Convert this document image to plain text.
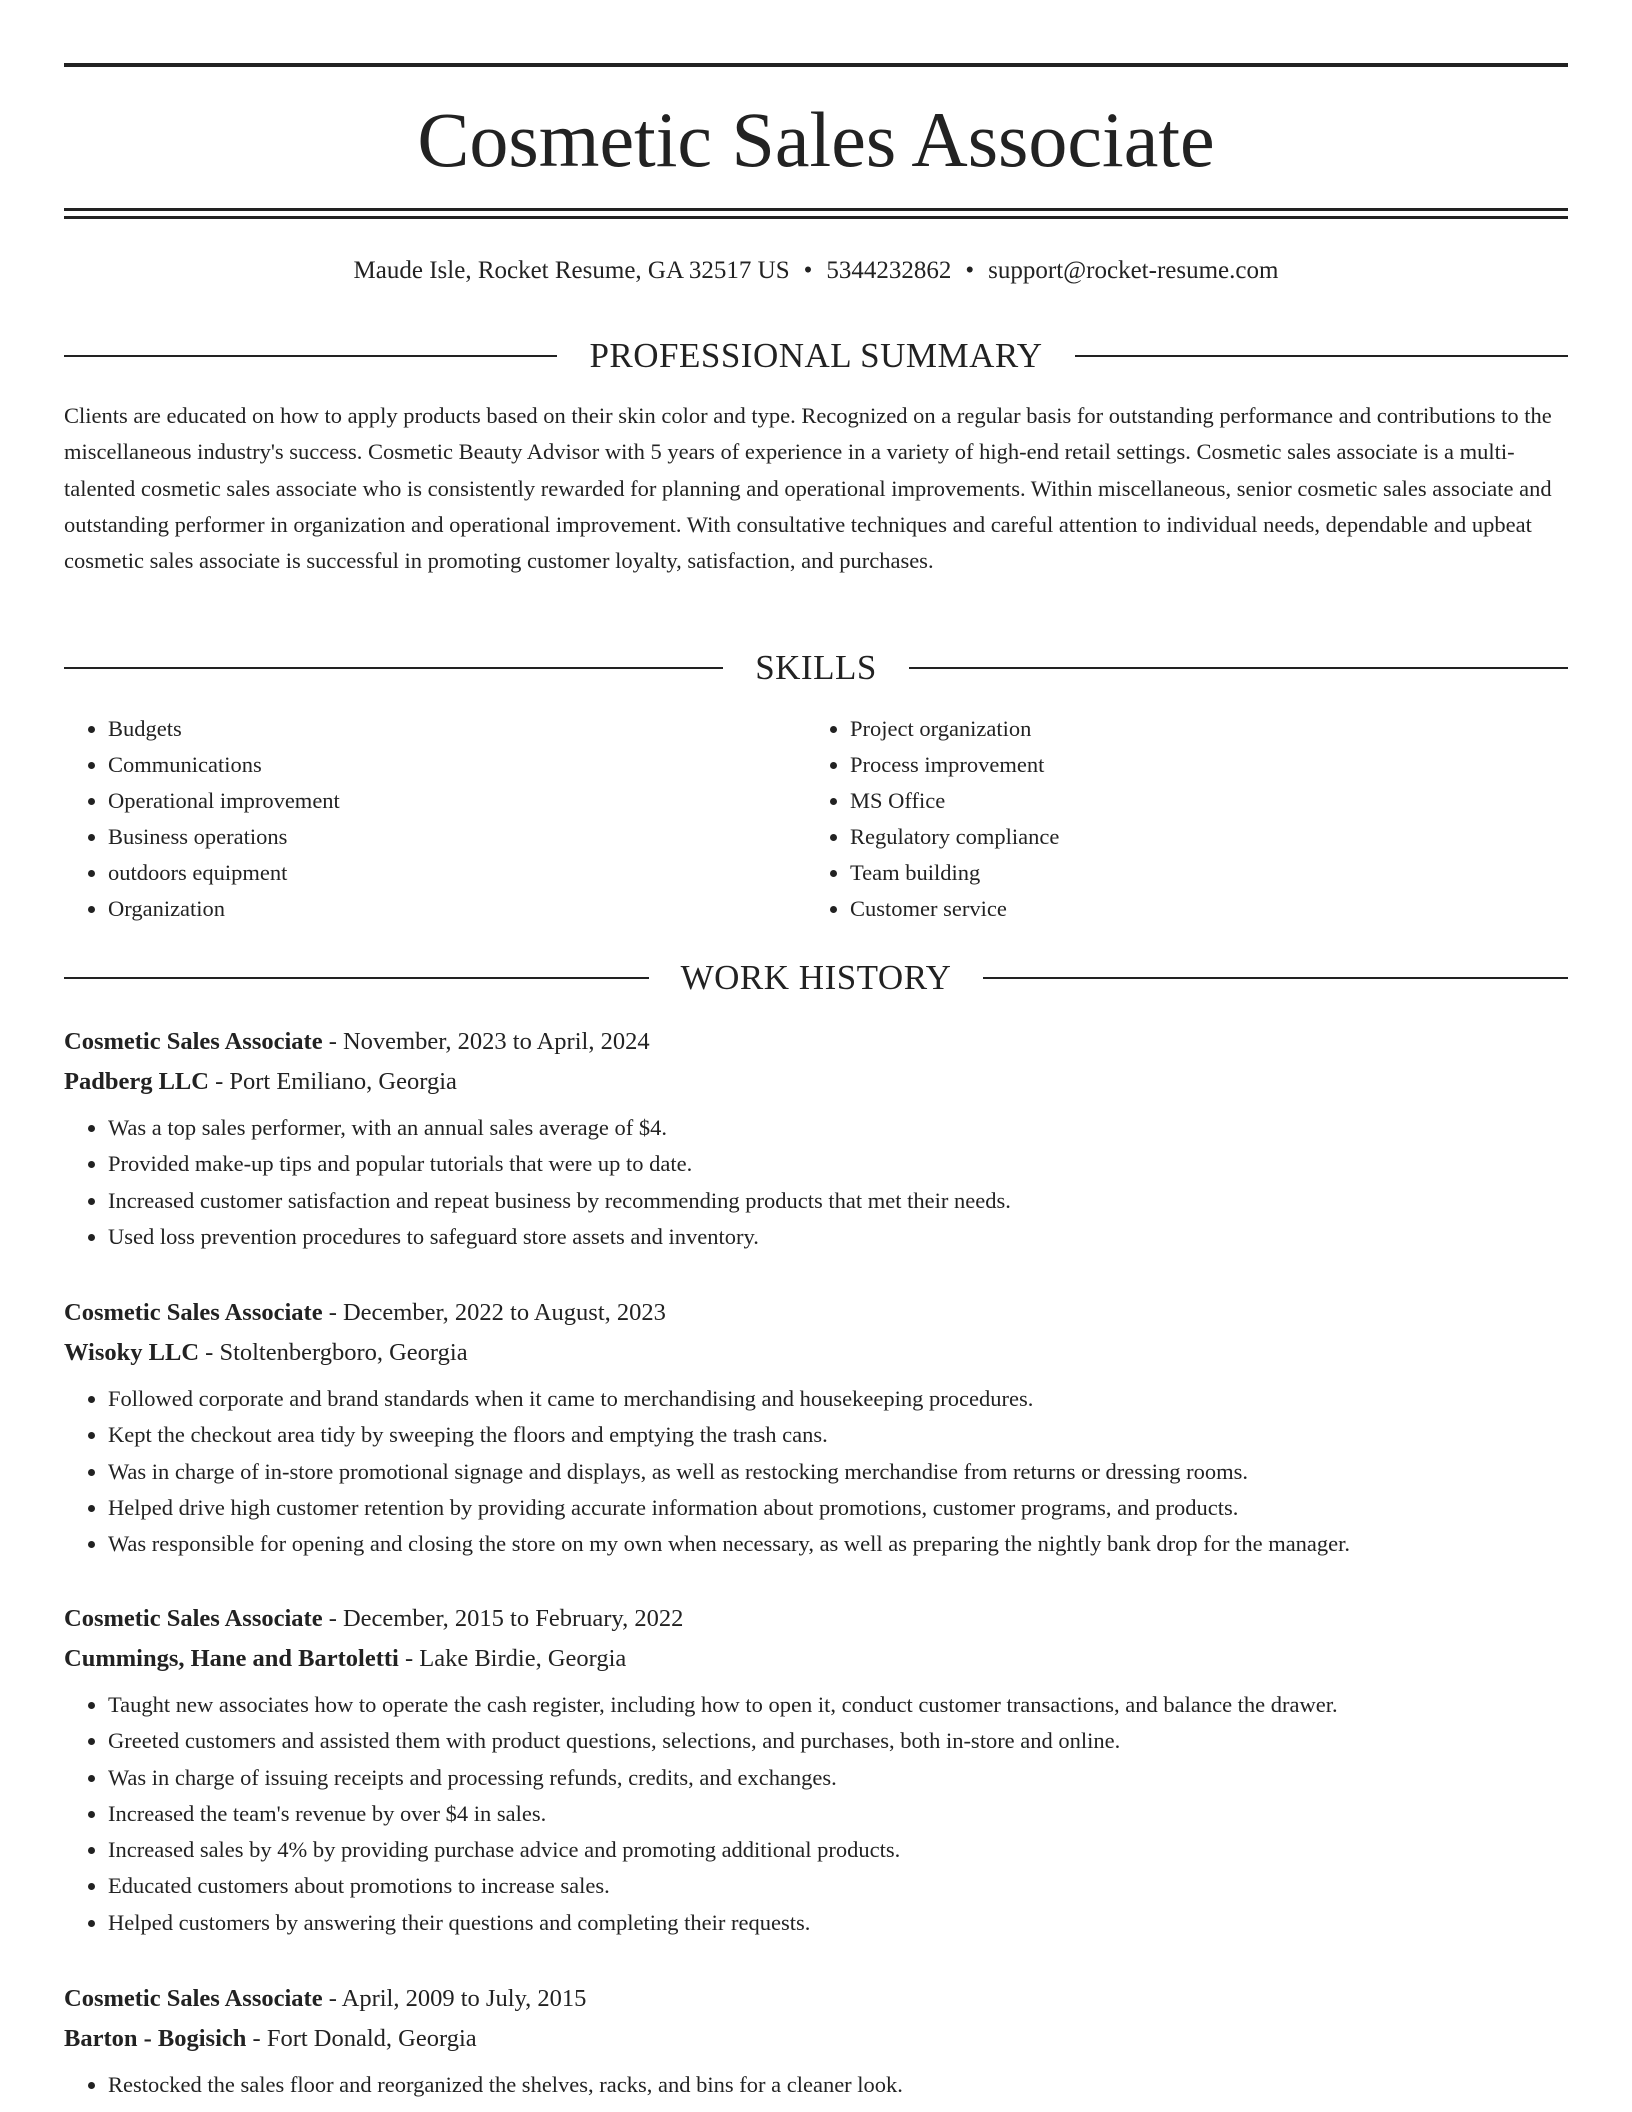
Cosmetic Sales Associate
Maude Isle, Rocket Resume, GA 32517 US • 5344232862 • support@rocket-resume.com
PROFESSIONAL SUMMARY

Clients are educated on how to apply products based on their skin color and type. Recognized on a regular basis for outstanding performance and contributions to the miscellaneous industry's success. Cosmetic Beauty Advisor with 5 years of experience in a variety of high-end retail settings. Cosmetic sales associate is a multi-talented cosmetic sales associate who is consistently rewarded for planning and operational improvements. Within miscellaneous, senior cosmetic sales associate and outstanding performer in organization and operational improvement. With consultative techniques and careful attention to individual needs, dependable and upbeat cosmetic sales associate is successful in promoting customer loyalty, satisfaction, and purchases.

SKILLS
• Budgets
• Communications
• Operational improvement
• Business operations
• outdoors equipment
• Organization
• Project organization
• Process improvement
• MS Office
• Regulatory compliance
• Team building
• Customer service
WORK HISTORY
Cosmetic Sales Associate - November, 2023 to April, 2024
Padberg LLC - Port Emiliano, Georgia
• Was a top sales performer, with an annual sales average of $4.
• Provided make-up tips and popular tutorials that were up to date.
• Increased customer satisfaction and repeat business by recommending products that met their needs.
• Used loss prevention procedures to safeguard store assets and inventory.
Cosmetic Sales Associate - December, 2022 to August, 2023
Wisoky LLC - Stoltenbergboro, Georgia
• Followed corporate and brand standards when it came to merchandising and housekeeping procedures.
• Kept the checkout area tidy by sweeping the floors and emptying the trash cans.
• Was in charge of in-store promotional signage and displays, as well as restocking merchandise from returns or dressing rooms.
• Helped drive high customer retention by providing accurate information about promotions, customer programs, and products.
• Was responsible for opening and closing the store on my own when necessary, as well as preparing the nightly bank drop for the manager.
Cosmetic Sales Associate - December, 2015 to February, 2022
Cummings, Hane and Bartoletti - Lake Birdie, Georgia
• Taught new associates how to operate the cash register, including how to open it, conduct customer transactions, and balance the drawer.
• Greeted customers and assisted them with product questions, selections, and purchases, both in-store and online.
• Was in charge of issuing receipts and processing refunds, credits, and exchanges.
• Increased the team's revenue by over $4 in sales.
• Increased sales by 4% by providing purchase advice and promoting additional products.
• Educated customers about promotions to increase sales.
• Helped customers by answering their questions and completing their requests.
Cosmetic Sales Associate - April, 2009 to July, 2015
Barton - Bogisich - Fort Donald, Georgia
• Restocked the sales floor and reorganized the shelves, racks, and bins for a cleaner look.
